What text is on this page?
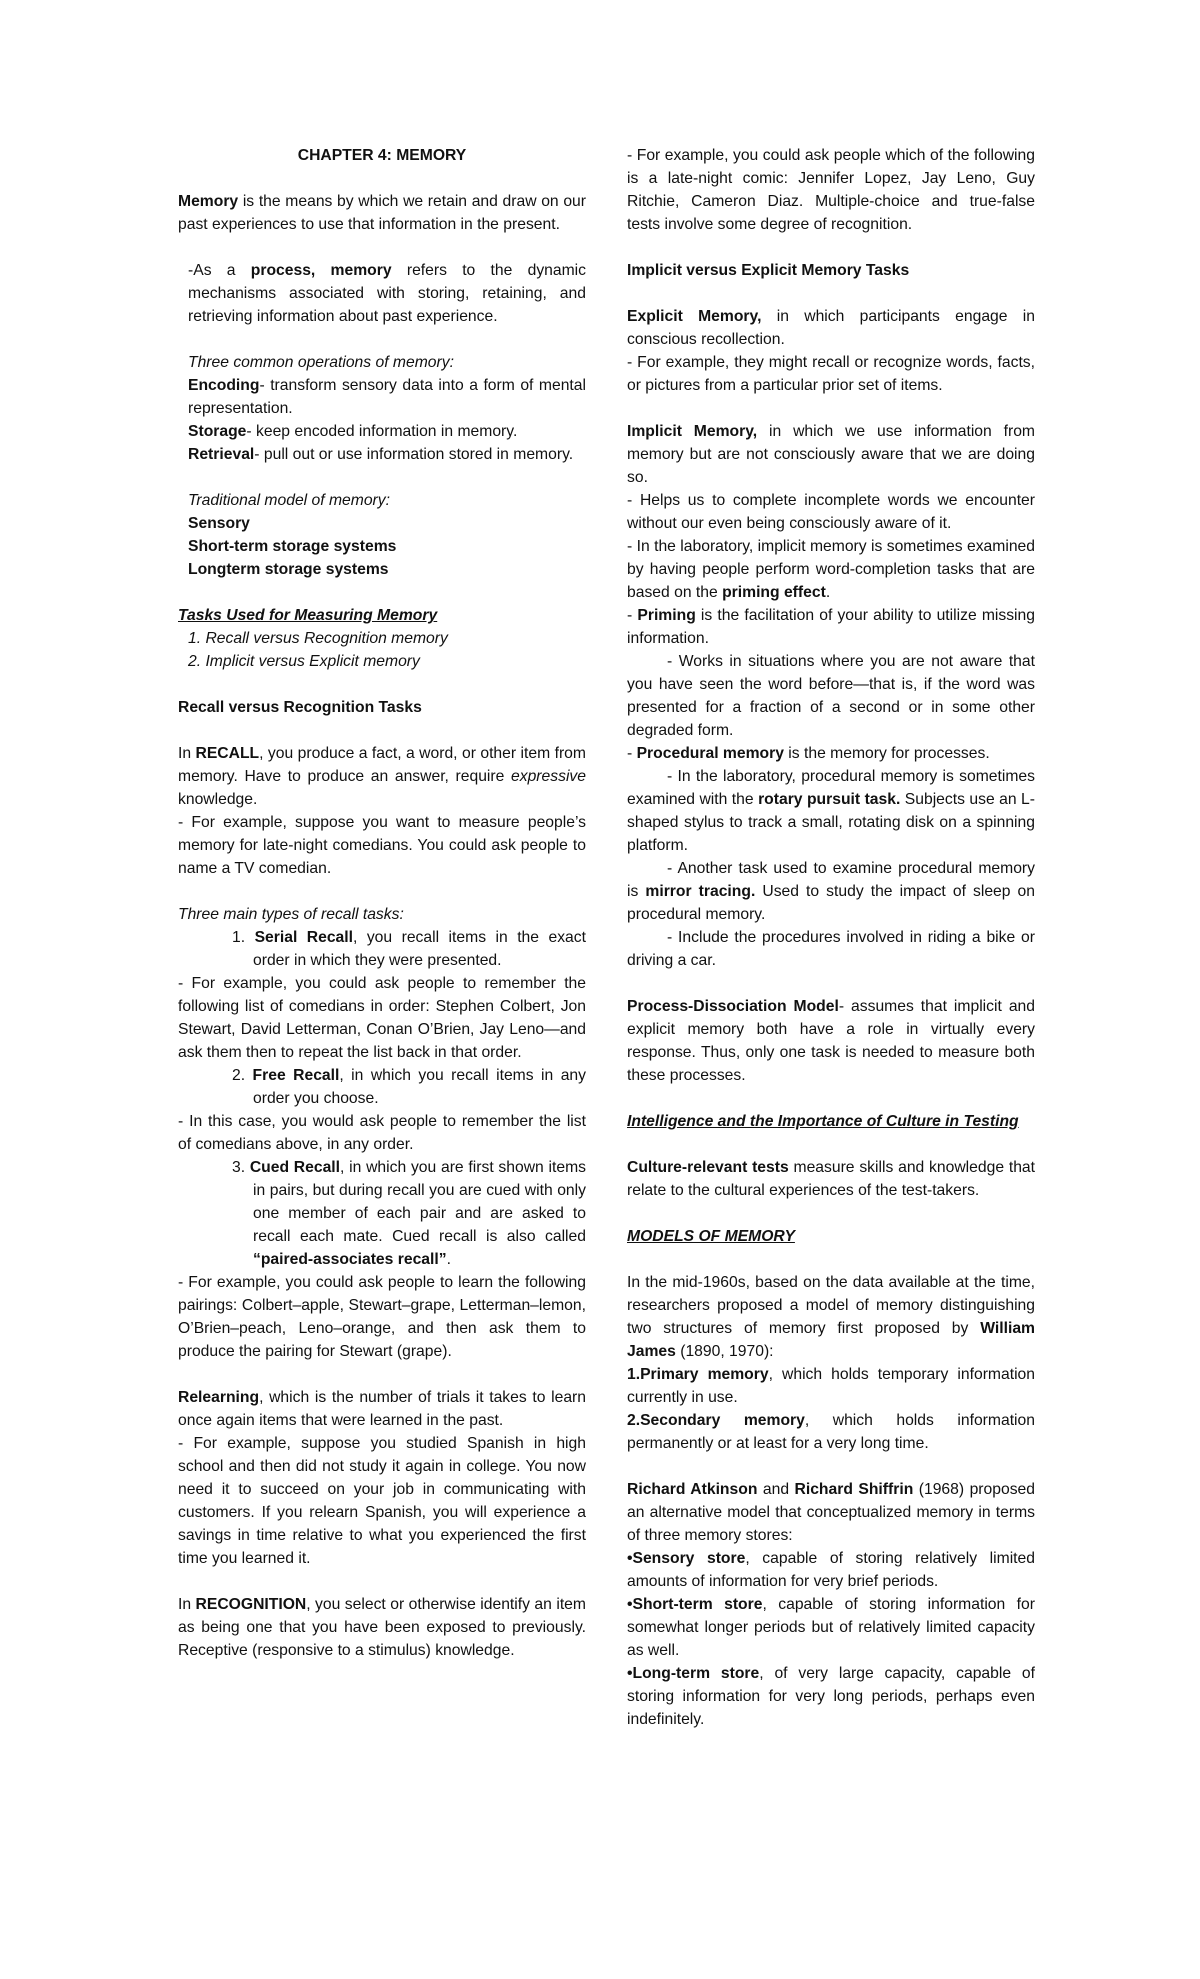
CHAPTER 4: MEMORY

Memory is the means by which we retain and draw on our past experiences to use that information in the present.

-As a process, memory refers to the dynamic mechanisms associated with storing, retaining, and retrieving information about past experience.

Three common operations of memory:

Encoding- transform sensory data into a form of mental representation.

Storage- keep encoded information in memory.

Retrieval- pull out or use information stored in memory.

Traditional model of memory:

Sensory

Short-term storage systems

Longterm storage systems

Tasks Used for Measuring Memory

1. Recall versus Recognition memory

2. Implicit versus Explicit memory

Recall versus Recognition Tasks

In RECALL, you produce a fact, a word, or other item from memory. Have to produce an answer, require expressive knowledge.

- For example, suppose you want to measure people’s memory for late-night comedians. You could ask people to name a TV comedian.

Three main types of recall tasks:

1. Serial Recall, you recall items in the exact order in which they were presented.

- For example, you could ask people to remember the following list of comedians in order: Stephen Colbert, Jon Stewart, David Letterman, Conan O’Brien, Jay Leno—and ask them then to repeat the list back in that order.

2. Free Recall, in which you recall items in any order you choose.

- In this case, you would ask people to remember the list of comedians above, in any order.

3. Cued Recall, in which you are first shown items in pairs, but during recall you are cued with only one member of each pair and are asked to recall each mate. Cued recall is also called “paired-associates recall”.

- For example, you could ask people to learn the following pairings: Colbert–apple, Stewart–grape, Letterman–lemon, O’Brien–peach, Leno–orange, and then ask them to produce the pairing for Stewart (grape).

Relearning, which is the number of trials it takes to learn once again items that were learned in the past.

- For example, suppose you studied Spanish in high school and then did not study it again in college. You now need it to succeed on your job in communicating with customers. If you relearn Spanish, you will experience a savings in time relative to what you experienced the first time you learned it.

In RECOGNITION, you select or otherwise identify an item as being one that you have been exposed to previously. Receptive (responsive to a stimulus) knowledge.

- For example, you could ask people which of the following is a late-night comic: Jennifer Lopez, Jay Leno, Guy Ritchie, Cameron Diaz. Multiple-choice and true-false tests involve some degree of recognition.

Implicit versus Explicit Memory Tasks

Explicit Memory, in which participants engage in conscious recollection.

- For example, they might recall or recognize words, facts, or pictures from a particular prior set of items.

Implicit Memory, in which we use information from memory but are not consciously aware that we are doing so.

- Helps us to complete incomplete words we encounter without our even being consciously aware of it.

- In the laboratory, implicit memory is sometimes examined by having people perform word-completion tasks that are based on the priming effect.

- Priming is the facilitation of your ability to utilize missing information.

- Works in situations where you are not aware that you have seen the word before—that is, if the word was presented for a fraction of a second or in some other degraded form.

- Procedural memory is the memory for processes.

- In the laboratory, procedural memory is sometimes examined with the rotary pursuit task. Subjects use an L-shaped stylus to track a small, rotating disk on a spinning platform.

- Another task used to examine procedural memory is mirror tracing. Used to study the impact of sleep on procedural memory.

- Include the procedures involved in riding a bike or driving a car.

Process-Dissociation Model- assumes that implicit and explicit memory both have a role in virtually every response. Thus, only one task is needed to measure both these processes.

Intelligence and the Importance of Culture in Testing

Culture-relevant tests measure skills and knowledge that relate to the cultural experiences of the test-takers.

MODELS OF MEMORY

In the mid-1960s, based on the data available at the time, researchers proposed a model of memory distinguishing two structures of memory first proposed by William James (1890, 1970):

1.Primary memory, which holds temporary information currently in use.

2.Secondary memory, which holds information permanently or at least for a very long time.

Richard Atkinson and Richard Shiffrin (1968) proposed an alternative model that conceptualized memory in terms of three memory stores:

•Sensory store, capable of storing relatively limited amounts of information for very brief periods.

•Short-term store, capable of storing information for somewhat longer periods but of relatively limited capacity as well.

•Long-term store, of very large capacity, capable of storing information for very long periods, perhaps even indefinitely.
